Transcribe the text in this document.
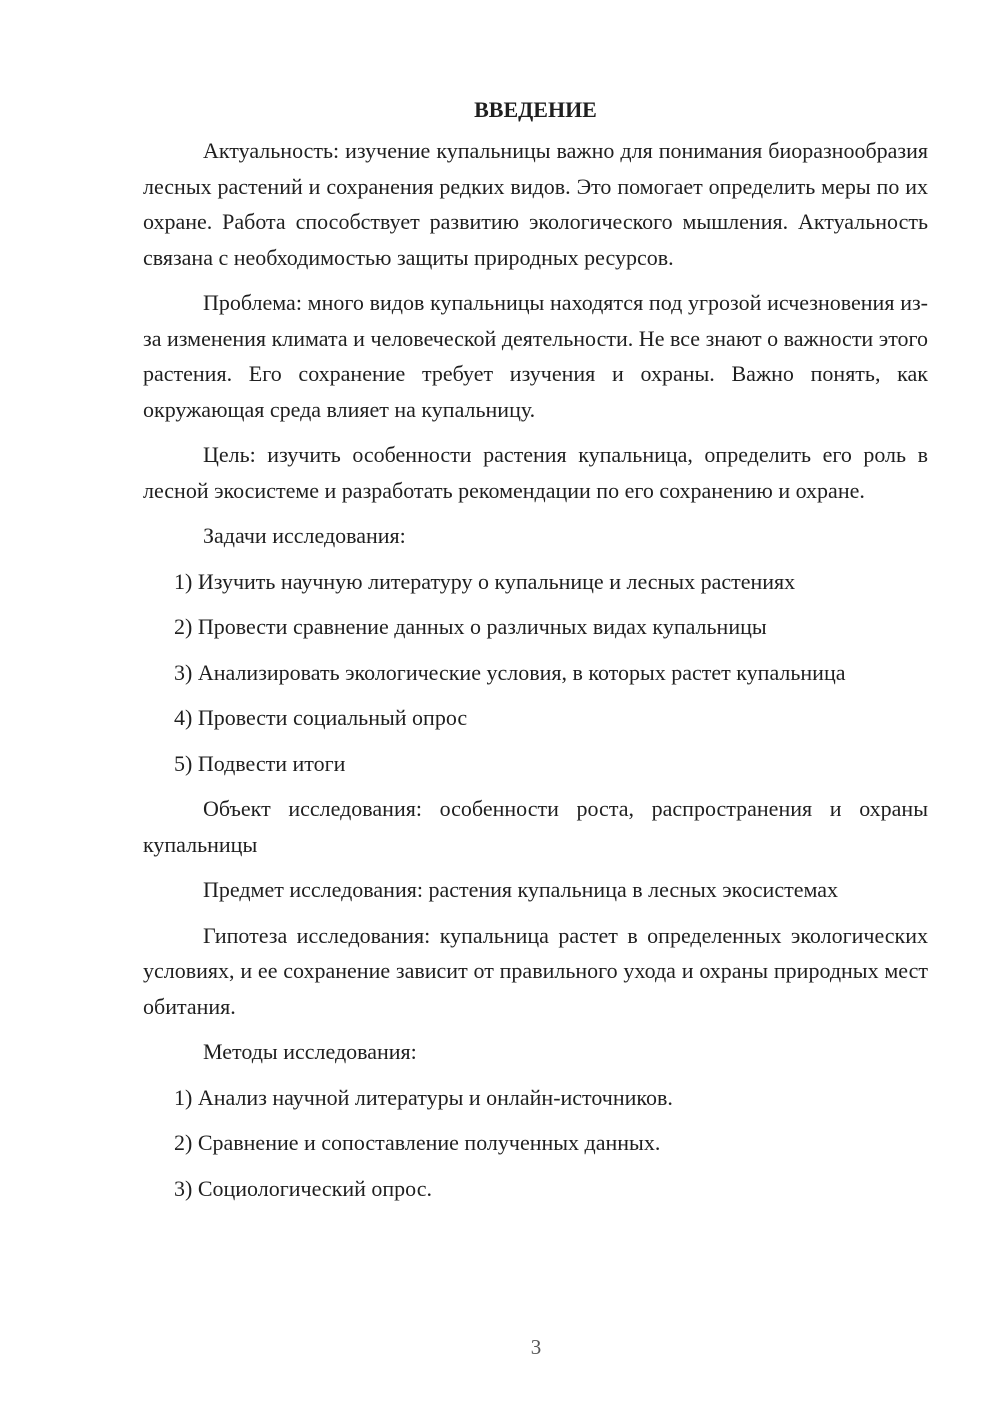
ВВЕДЕНИЕ

Актуальность: изучение купальницы важно для понимания биоразнообразия лесных растений и сохранения редких видов. Это помогает определить меры по их охране. Работа способствует развитию экологического мышления. Актуальность связана с необходимостью защиты природных ресурсов.

Проблема: много видов купальницы находятся под угрозой исчезновения из-за изменения климата и человеческой деятельности. Не все знают о важности этого растения. Его сохранение требует изучения и охраны. Важно понять, как окружающая среда влияет на купальницу.

Цель: изучить особенности растения купальница, определить его роль в лесной экосистеме и разработать рекомендации по его сохранению и охране.

Задачи исследования:

1) Изучить научную литературу о купальнице и лесных растениях

2) Провести сравнение данных о различных видах купальницы

3) Анализировать экологические условия, в которых растет купальница

4) Провести социальный опрос

5) Подвести итоги

Объект исследования: особенности роста, распространения и охраны купальницы

Предмет исследования: растения купальница в лесных экосистемах

Гипотеза исследования: купальница растет в определенных экологических условиях, и ее сохранение зависит от правильного ухода и охраны природных мест обитания.

Методы исследования:

1) Анализ научной литературы и онлайн-источников.

2) Сравнение и сопоставление полученных данных.

3) Социологический опрос.

3
